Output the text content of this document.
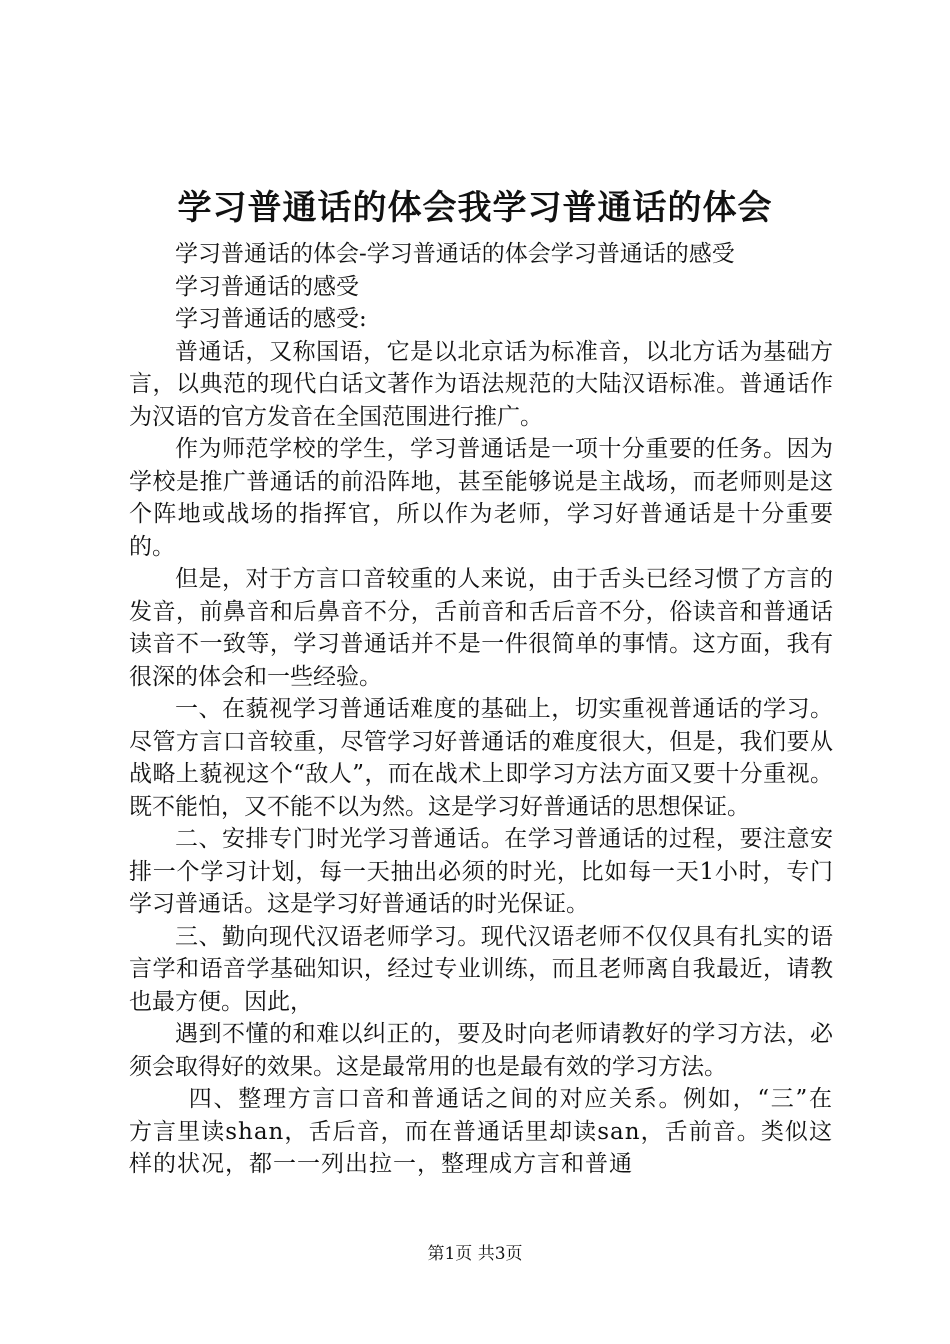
学习普通话的体会我学习普通话的体会

学习普通话的体会-学习普通话的体会学习普通话的感受

学习普通话的感受

学习普通话的感受:

普通话，又称国语，它是以北京话为标准音，以北方话为基础方言，以典范的现代白话文著作为语法规范的大陆汉语标准。普通话作为汉语的官方发音在全国范围进行推广。

作为师范学校的学生，学习普通话是一项十分重要的任务。因为学校是推广普通话的前沿阵地，甚至能够说是主战场，而老师则是这个阵地或战场的指挥官，所以作为老师，学习好普通话是十分重要的。

但是，对于方言口音较重的人来说，由于舌头已经习惯了方言的发音，前鼻音和后鼻音不分，舌前音和舌后音不分，俗读音和普通话读音不一致等，学习普通话并不是一件很简单的事情。这方面，我有很深的体会和一些经验。

一、在藐视学习普通话难度的基础上，切实重视普通话的学习。尽管方言口音较重，尽管学习好普通话的难度很大，但是，我们要从战略上藐视这个“敌人”，而在战术上即学习方法方面又要十分重视。既不能怕，又不能不以为然。这是学习好普通话的思想保证。

二、安排专门时光学习普通话。在学习普通话的过程，要注意安排一个学习计划，每一天抽出必须的时光，比如每一天1小时，专门学习普通话。这是学习好普通话的时光保证。

三、勤向现代汉语老师学习。现代汉语老师不仅仅具有扎实的语言学和语音学基础知识，经过专业训练，而且老师离自我最近，请教也最方便。因此，

遇到不懂的和难以纠正的，要及时向老师请教好的学习方法，必须会取得好的效果。这是最常用的也是最有效的学习方法。

四、整理方言口音和普通话之间的对应关系。例如，“三”在方言里读shan，舌后音，而在普通话里却读san，舌前音。类似这样的状况，都一一列出拉一，整理成方言和普通

第1页 共3页
